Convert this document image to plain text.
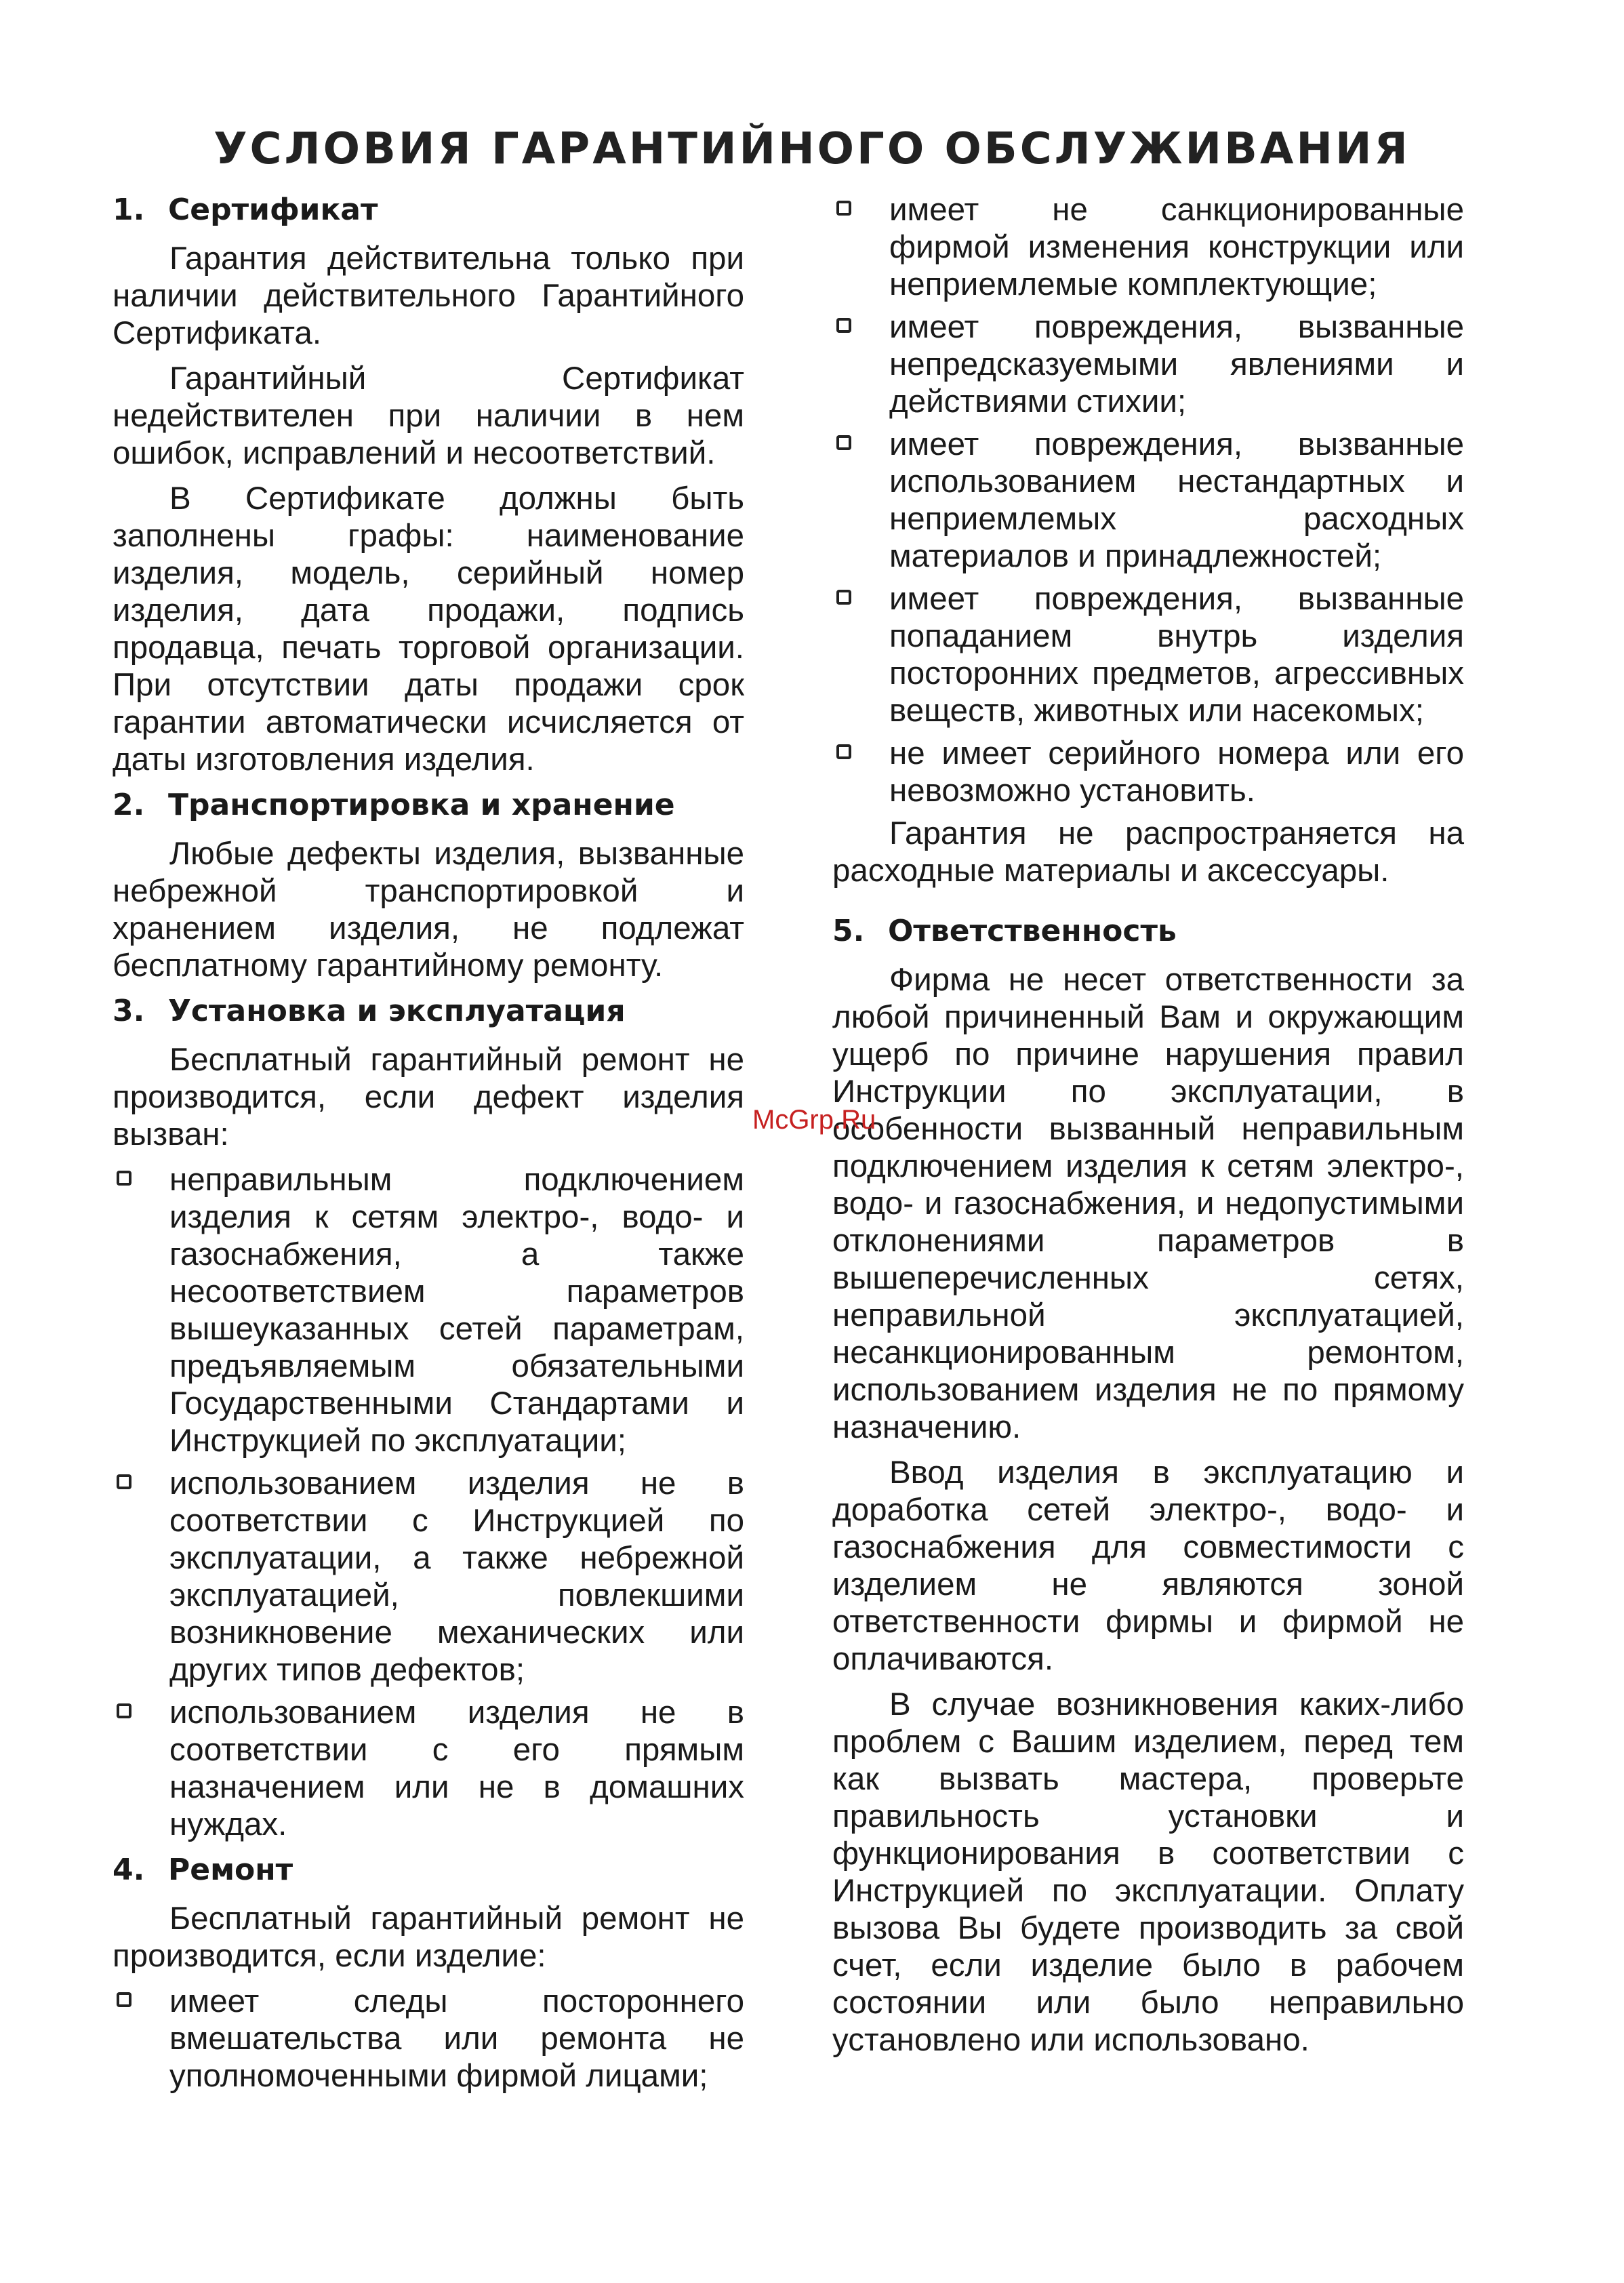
УСЛОВИЯ ГАРАНТИЙНОГО ОБСЛУЖИВАНИЯ
1. Сертификат

Гарантия действительна только при наличии действительного Гарантийного Сертификата.

Гарантийный Сертификат недействителен при наличии в нем ошибок, исправлений и несоответствий.

В Сертификате должны быть заполнены графы: наименование изделия, модель, серийный номер изделия, дата продажи, подпись продавца, печать торговой организации. При отсутствии даты продажи срок гарантии автоматически исчисляется от даты изготовления изделия.

2. Транспортировка и хранение

Любые дефекты изделия, вызванные небрежной транспортировкой и хранением изделия, не подлежат бесплатному гарантийному ремонту.

3. Установка и эксплуатация

Бесплатный гарантийный ремонт не производится, если дефект изделия вызван:

неправильным подключением изделия к сетям электро-, водо- и газоснабжения, а также несоответствием параметров вышеуказанных сетей параметрам, предъявляемым обязательными Государственными Стандартами и Инструкцией по эксплуатации;
использованием изделия не в соответствии с Инструкцией по эксплуатации, а также небрежной эксплуатацией, повлекшими возникновение механических или других типов дефектов;
использованием изделия не в соответствии с его прямым назначением или не в домашних нуждах.
4. Ремонт

Бесплатный гарантийный ремонт не производится, если изделие:

имеет следы постороннего вмешательства или ремонта не уполномоченными фирмой лицами;
имеет не санкционированные фирмой изменения конструкции или неприемлемые комплектующие;
имеет повреждения, вызванные непредсказуемыми явлениями и действиями стихии;
имеет повреждения, вызванные использованием нестандартных и неприемлемых расходных материалов и принадлежностей;
имеет повреждения, вызванные попаданием внутрь изделия посторонних предметов, агрессивных веществ, животных или насекомых;
не имеет серийного номера или его невозможно установить.

Гарантия не распространяется на расходные материалы и аксессуары.

5. Ответственность

Фирма не несет ответственности за любой причиненный Вам и окружающим ущерб по причине нарушения правил Инструкции по эксплуатации, в особенности вызванный неправильным подключением изделия к сетям электро-, водо- и газоснабжения, и недопустимыми отклонениями параметров в вышеперечисленных сетях, неправильной эксплуатацией, несанкционированным ремонтом, использованием изделия не по прямому назначению.

Ввод изделия в эксплуатацию и доработка сетей электро-, водо- и газоснабжения для совместимости с изделием не являются зоной ответственности фирмы и фирмой не оплачиваются.

В случае возникновения каких-либо проблем с Вашим изделием, перед тем как вызвать мастера, проверьте правильность установки и функционирования в соответствии с Инструкцией по эксплуатации. Оплату вызова Вы будете производить за свой счет, если изделие было в рабочем состоянии или было неправильно установлено или использовано.

McGrp.Ru
